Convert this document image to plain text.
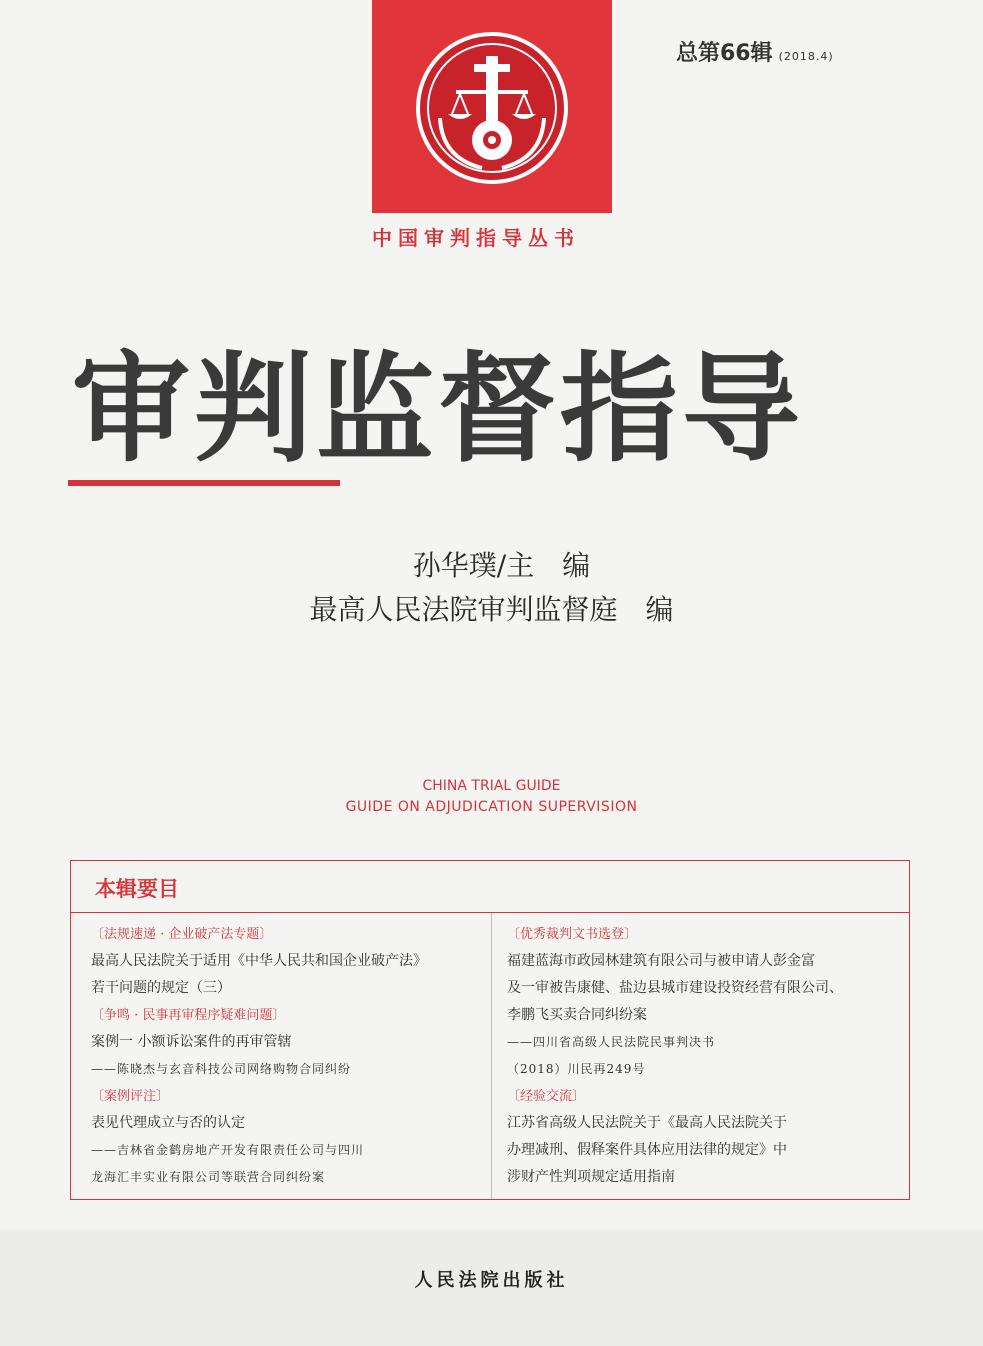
中国审判指导丛书
总第66辑 (2018.4)
审判监督指导
孙华璞/主　编
最高人民法院审判监督庭　编
CHINA TRIAL GUIDE
GUIDE ON ADJUDICATION SUPERVISION
本辑要目
〔法规速递 · 企业破产法专题〕
最高人民法院关于适用《中华人民共和国企业破产法》
若干问题的规定（三）
〔争鸣 · 民事再审程序疑难问题〕
案例一 小额诉讼案件的再审管辖
——陈晓杰与玄音科技公司网络购物合同纠纷
〔案例评注〕
表见代理成立与否的认定
——吉林省金鹤房地产开发有限责任公司与四川
龙海汇丰实业有限公司等联营合同纠纷案
〔优秀裁判文书选登〕
福建蓝海市政园林建筑有限公司与被申请人彭金富
及一审被告康健、盐边县城市建设投资经营有限公司、
李鹏飞买卖合同纠纷案
——四川省高级人民法院民事判决书
（2018）川民再249号
〔经验交流〕
江苏省高级人民法院关于《最高人民法院关于
办理减刑、假释案件具体应用法律的规定》中
涉财产性判项规定适用指南
人民法院出版社
